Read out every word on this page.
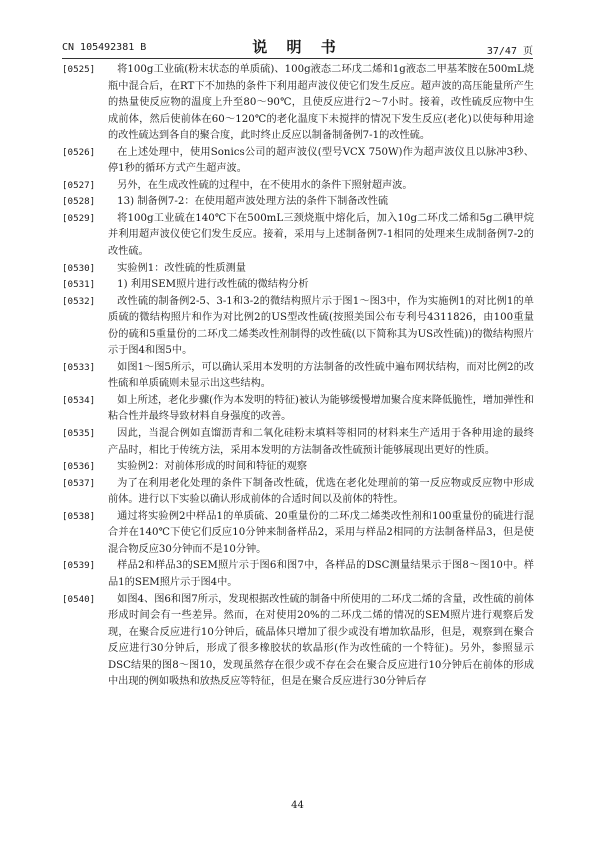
CN 105492381 B	说 明 书	37/47 页
[0525]	将100g工业硫(粉末状态的单质硫)、100g液态二环戊二烯和1g液态二甲基苯胺在500mL烧瓶中混合后，在RT下不加热的条件下利用超声波仪使它们发生反应。超声波的高压能量所产生的热量使反应物的温度上升至80～90℃，且使反应进行2～7小时。接着，改性硫反应物中生成前体，然后使前体在60～120℃的老化温度下未搅拌的情况下发生反应(老化)以使每种用途的改性硫达到各自的聚合度，此时终止反应以制备制备例7-1的改性硫。
[0526]	在上述处理中，使用Sonics公司的超声波仪(型号VCX 750W)作为超声波仪且以脉冲3秒、停1秒的循环方式产生超声波。
[0527]	另外，在生成改性硫的过程中，在不使用水的条件下照射超声波。
[0528]	13) 制备例7-2：在使用超声波处理方法的条件下制备改性硫
[0529]	将100g工业硫在140℃下在500mL三颈烧瓶中熔化后，加入10g二环戊二烯和5g二碘甲烷并利用超声波仪使它们发生反应。接着，采用与上述制备例7-1相同的处理来生成制备例7-2的改性硫。
[0530]	实验例1：改性硫的性质测量
[0531]	1) 利用SEM照片进行改性硫的微结构分析
[0532]	改性硫的制备例2-5、3-1和3-2的微结构照片示于图1～图3中，作为实施例1的对比例1的单质硫的微结构照片和作为对比例2的US型改性硫(按照美国公布专利号4311826，由100重量份的硫和5重量份的二环戊二烯类改性剂制得的改性硫(以下简称其为US改性硫))的微结构照片示于图4和图5中。
[0533]	如图1～图5所示，可以确认采用本发明的方法制备的改性硫中遍布网状结构，而对比例2的改性硫和单质硫则未显示出这些结构。
[0534]	如上所述，老化步骤(作为本发明的特征)被认为能够缓慢增加聚合度来降低脆性，增加弹性和粘合性并最终导致材料自身强度的改善。
[0535]	因此，当混合例如直馏沥青和二氧化硅粉末填料等相同的材料来生产适用于各种用途的最终产品时，相比于传统方法，采用本发明的方法制备改性硫预计能够展现出更好的性质。
[0536]	实验例2：对前体形成的时间和特征的观察
[0537]	为了在利用老化处理的条件下制备改性硫，优选在老化处理前的第一反应物或反应物中形成前体。进行以下实验以确认形成前体的合适时间以及前体的特性。
[0538]	通过将实验例2中样品1的单质硫、20重量份的二环戊二烯类改性剂和100重量份的硫进行混合并在140℃下使它们反应10分钟来制备样品2，采用与样品2相同的方法制备样品3，但是使混合物反应30分钟而不是10分钟。
[0539]	样品2和样品3的SEM照片示于图6和图7中，各样品的DSC测量结果示于图8～图10中。样品1的SEM照片示于图4中。
[0540]	如图4、图6和图7所示，发现根据改性硫的制备中所使用的二环戊二烯的含量，改性硫的前体形成时间会有一些差异。然而，在对使用20%的二环戊二烯的情况的SEM照片进行观察后发现，在聚合反应进行10分钟后，硫晶体只增加了很少或没有增加软晶形，但是，观察到在聚合反应进行30分钟后，形成了很多橡胶状的软晶形(作为改性硫的一个特征)。另外，参照显示DSC结果的图8～图10，发现虽然存在很少或不存在会在聚合反应进行10分钟后在前体的形成中出现的例如吸热和放热反应等特征，但是在聚合反应进行30分钟后存
44
